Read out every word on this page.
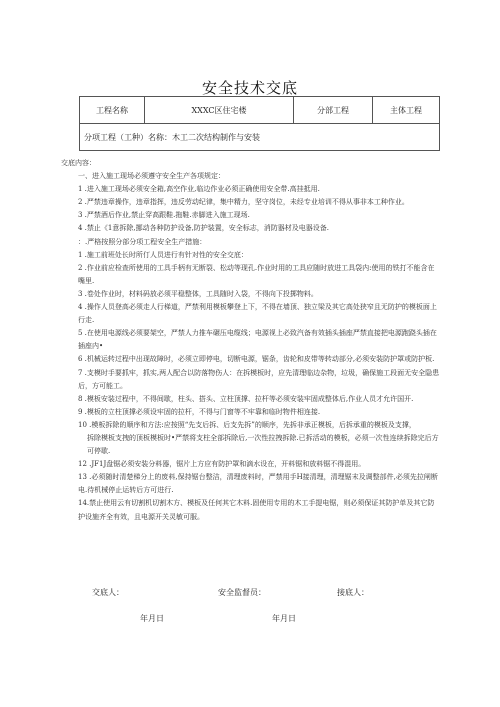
安全技术交底
工程名称	XXXC区住宅楼	分部工程	主体工程
分项工程（工种）名称：木工二次结构制作与安装

交底内容：

一、进入施工现场必须遵守安全生产各项规定：

1 .进入施工现场必须安全箱,高空作业,临边作业必须正确使用安全带.高挂抵用.

2 .严禁违章操作，违章指挥，违反劳动纪律，集中精力，坚守岗位，未经专业培训不得从事非本工种作业。

3 .严禁酒后作业,禁止穿高跟鞋.拖鞋.赤脚进入施工现场.

4 .禁止《1意拆除,挪动各种防护设备,防护装置，安全标志，消防器材及电器设备.

：.严格按照分部分项工程安全生产措施：

1 .施工前班处长时所仃人员进行有针对性的安全交底：

2 .作业前应检查所使用的工具手柄有无断裂、松动等现孔.作业时用的工具应随时放进工具袋内:使用的铁打不能含在嘴里.

3 .卷处作业时，材料码放必须平稳整体，工具随时入袋，不得向下投掷物料。

4 .操作人员登高必须走人行梯道，严禁利用模板攀登上下，不得在墙顶、独立梁及其它高处狭窄且无防护的模板面上行走.

5 .在使用电源线必须要架空，严禁人力推车碾压电缆线；电源视上必致汽备有效插头插座严禁直接把电源跑跷头插在插座内•

6 .机械运转过程中出现故障时，必须立即停电，切断电源，锯条，齿轮和皮带等转动部分,必须安装防护罩或防护板.

7 .支模时手要抓牢，抓实,两人配合以防落物伤人：在拆模板时，应先清理临边杂物，垃圾，确保施工段面无安全隐患后，方可能工。

8 .模板安装过程中，不得间歇，柱头、搭头、立柱顶撑、拉杆等必须安装牢固成整体后,作业人员才允许国开.

9 .模板的立柱顶撑必须设牢固的拉杆，不得与门窗等不牢靠和临时物件相连接.

10 .模板拆除的顺序和方法:应按照“先支后拆、后支先拆”的顺序，先拆非承正模板，后拆承重的模板及支撑，

拆除模板支拽的顶板模板时•严禁将支柱全部拆除后,一次性拉拽拆除.已拆活动的模板，必须一次性连续拆除完后方可停歇.

12 .JF1J盘锯必须安装分料器，锯片上方应有防护罩和滴水设在，开料锯和放料锯不得混用。

13 .必须随时清楚梯分上的废料,保持锯台整洁，清理废料时，严禁用手H接清理，清理锯末及调整部件,必须先拉闸断电.待机械停止运转后方可进行.

14.禁止使用云有切割机切割木方、模板及任何其它木料.固使用专用的木工手提电锯，则必须保证其防护单及其它防护设施齐全有效，且电源开关灵敏可服。

交底人：	安全监督员：	接底人：
年月日	年月日
